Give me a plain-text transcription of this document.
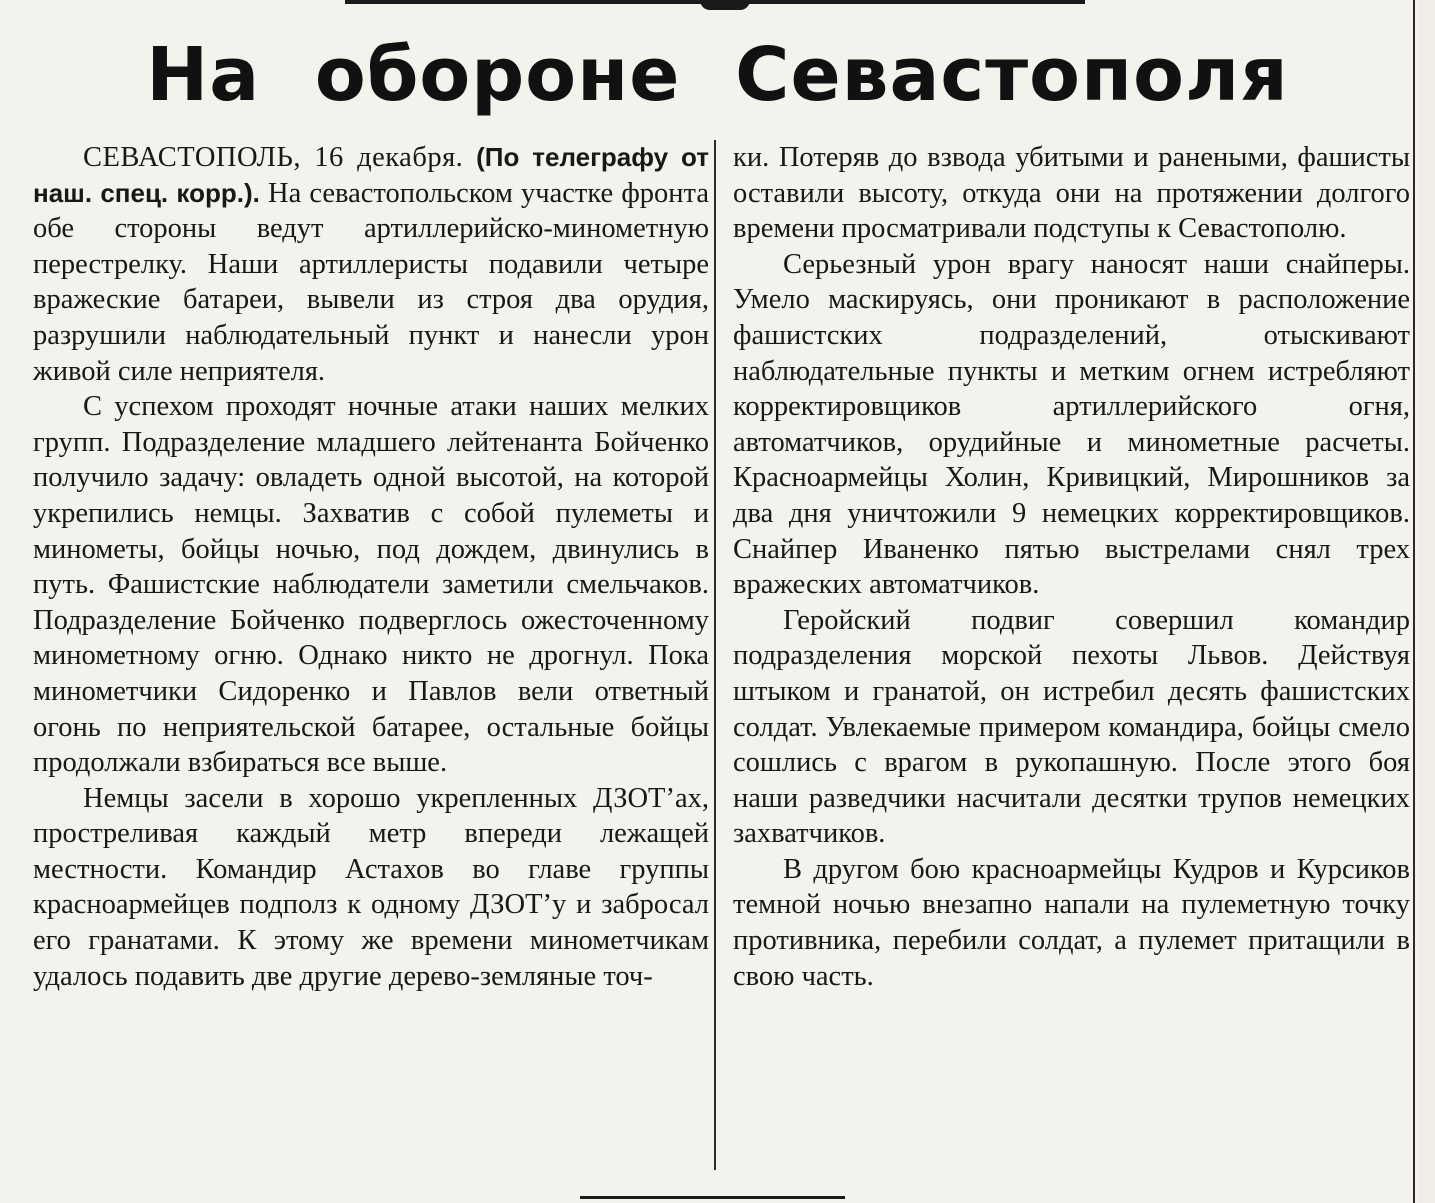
На обороне Севастополя

СЕВАСТОПОЛЬ, 16 декабря. (По телеграфу от наш. спец. корр.). На севастопольском участке фронта обе стороны ведут артиллерийско-минометную перестрелку. Наши артиллеристы подавили четыре вражеские батареи, вывели из строя два орудия, разрушили наблюдательный пункт и нанесли урон живой силе неприятеля.

С успехом проходят ночные атаки наших мелких групп. Подразделение младшего лейтенанта Бойченко получило задачу: овладеть одной высотой, на которой укрепились немцы. Захватив с собой пулеметы и минометы, бойцы ночью, под дождем, двинулись в путь. Фашистские наблюдатели заметили смельчаков. Подразделение Бойченко подверглось ожесточенному минометному огню. Однако никто не дрогнул. Пока минометчики Сидоренко и Павлов вели ответный огонь по неприятельской батарее, остальные бойцы продолжали взбираться все выше.

Немцы засели в хорошо укрепленных ДЗОТ’ах, простреливая каждый метр впереди лежащей местности. Командир Астахов во главе группы красноармейцев подполз к одному ДЗОТ’у и забросал его гранатами. К этому же времени минометчикам удалось подавить две другие дерево-земляные точ-

ки. Потеряв до взвода убитыми и ранеными, фашисты оставили высоту, откуда они на протяжении долгого времени просматривали подступы к Севастополю.

Серьезный урон врагу наносят наши снайперы. Умело маскируясь, они проникают в расположение фашистских подразделений, отыскивают наблюдательные пункты и метким огнем истребляют корректировщиков артиллерийского огня, автоматчиков, орудийные и минометные расчеты. Красноармейцы Холин, Кривицкий, Мирошников за два дня уничтожили 9 немецких корректировщиков. Снайпер Иваненко пятью выстрелами снял трех вражеских автоматчиков.

Геройский подвиг совершил командир подразделения морской пехоты Львов. Действуя штыком и гранатой, он истребил десять фашистских солдат. Увлекаемые примером командира, бойцы смело сошлись с врагом в рукопашную. После этого боя наши разведчики насчитали десятки трупов немецких захватчиков.

В другом бою красноармейцы Кудров и Курсиков темной ночью внезапно напали на пулеметную точку противника, перебили солдат, а пулемет притащили в свою часть.
